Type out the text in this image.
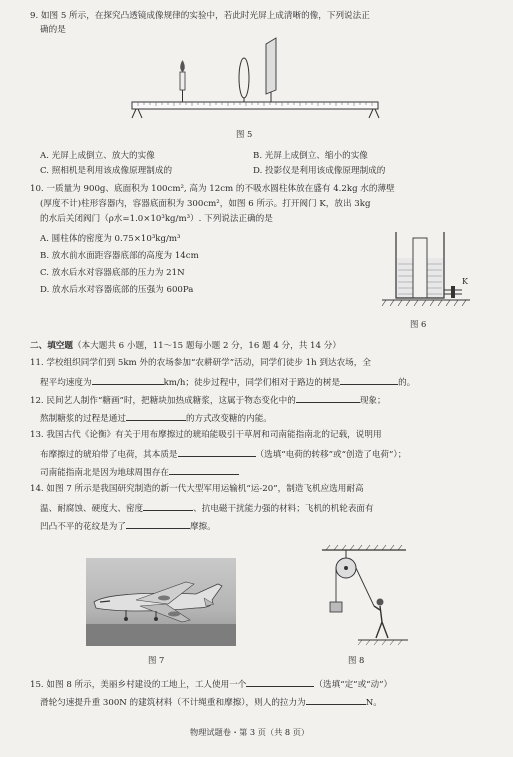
9. 如图 5 所示，在探究凸透镜成像规律的实验中，若此时光屏上成清晰的像，下列说法正
确的是
图 5
A. 光屏上成倒立、放大的实像	B. 光屏上成倒立、缩小的实像
C. 照相机是利用该成像原理制成的	D. 投影仪是利用该成像原理制成的
10. 一质量为 900g、底面积为 100cm², 高为 12cm 的不吸水圆柱体放在盛有 4.2kg 水的薄壁
(厚度不计)柱形容器内，容器底面积为 300cm²，如图 6 所示。打开阀门 K，放出 3kg
的水后关闭阀门（ρ水=1.0×10³kg/m³）. 下列说法正确的是
A. 圆柱体的密度为 0.75×10³kg/m³
B. 放水前水面距容器底部的高度为 14cm
C. 放水后水对容器底部的压力为 21N
D. 放水后水对容器底部的压强为 600Pa
K
图 6
二、填空题（本大题共 6 小题，11～15 题每小题 2 分，16 题 4 分，共 14 分）
11. 学校组织同学们到 5km 外的农场参加“农耕研学”活动，同学们徒步 1h 到达农场，全
程平均速度为	km/h；徒步过程中，同学们相对于路边的树是	的。
12. 民间艺人制作“糖画”时，把糖块加热成糖浆，这属于物态变化中的	现象；
熬制糖浆的过程是通过	的方式改变糖的内能。
13. 我国古代《论衡》有关于用布摩擦过的琥珀能吸引干草屑和司南能指南北的记载，说明用
布摩擦过的琥珀带了电荷，其本质是	（选填“电荷的转移”或“创造了电荷”）；
司南能指南北是因为地球周围存在
14. 如图 7 所示是我国研究制造的新一代大型军用运输机“运-20”，制造飞机应选用耐高
温、耐腐蚀、硬度大、密度	、抗电磁干扰能力强的材料；飞机的机轮表面有
凹凸不平的花纹是为了	摩擦。
图 7	图 8
15. 如图 8 所示，美丽乡村建设的工地上，工人使用一个	（选填“定”或“动”）
滑轮匀速提升重 300N 的建筑材料（不计绳重和摩擦），则人的拉力为	N。
物理试题卷・第 3 页（共 8 页）
